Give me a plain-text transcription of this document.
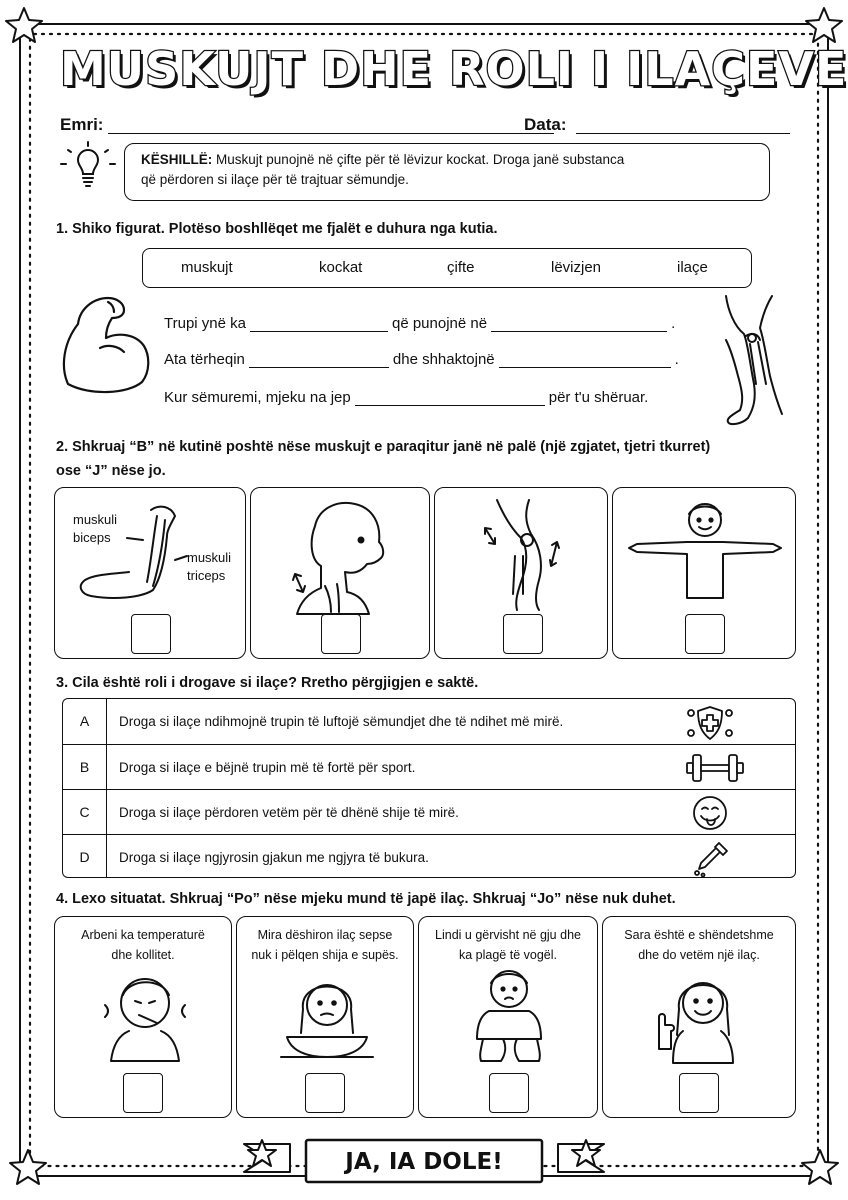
MUSKUJT DHE ROLI I ILAÇEVE
Emri:	Data:
KËSHILLË: Muskujt punojnë në çifte për të lëvizur kockat. Droga janë substanca
që përdoren si ilaçe për të trajtuar sëmundje.
1. Shiko figurat. Plotëso boshllëqet me fjalët e duhura nga kutia.
muskujt	kockat	çifte	lëvizjen	ilaçe
Trupi ynë ka	që punojnë në	.
Ata tërheqin	dhe shhaktojnë	.
Kur sëmuremi, mjeku na jep	për t'u shëruar.
2. Shkruaj “B” në kutinë poshtë nëse muskujt e paraqitur janë në palë (një zgjatet, tjetri tkurret)
ose “J” nëse jo.
muskuli
biceps
muskuli
triceps
3. Cila është roli i drogave si ilaçe? Rretho përgjigjen e saktë.
A	Droga si ilaçe ndihmojnë trupin të luftojë sëmundjet dhe të ndihet më mirë.
B	Droga si ilaçe e bëjnë trupin më të fortë për sport.
C	Droga si ilaçe përdoren vetëm për të dhënë shije të mirë.
D	Droga si ilaçe ngjyrosin gjakun me ngjyra të bukura.
4. Lexo situatat. Shkruaj “Po” nëse mjeku mund të japë ilaç. Shkruaj “Jo” nëse nuk duhet.
Arbeni ka temperaturë
dhe kollitet.
Mira dëshiron ilaç sepse
nuk i pëlqen shija e supës.
Lindi u gërvisht në gju dhe
ka plagë të vogël.
Sara është e shëndetshme
dhe do vetëm një ilaç.
JA, IA DOLE!
